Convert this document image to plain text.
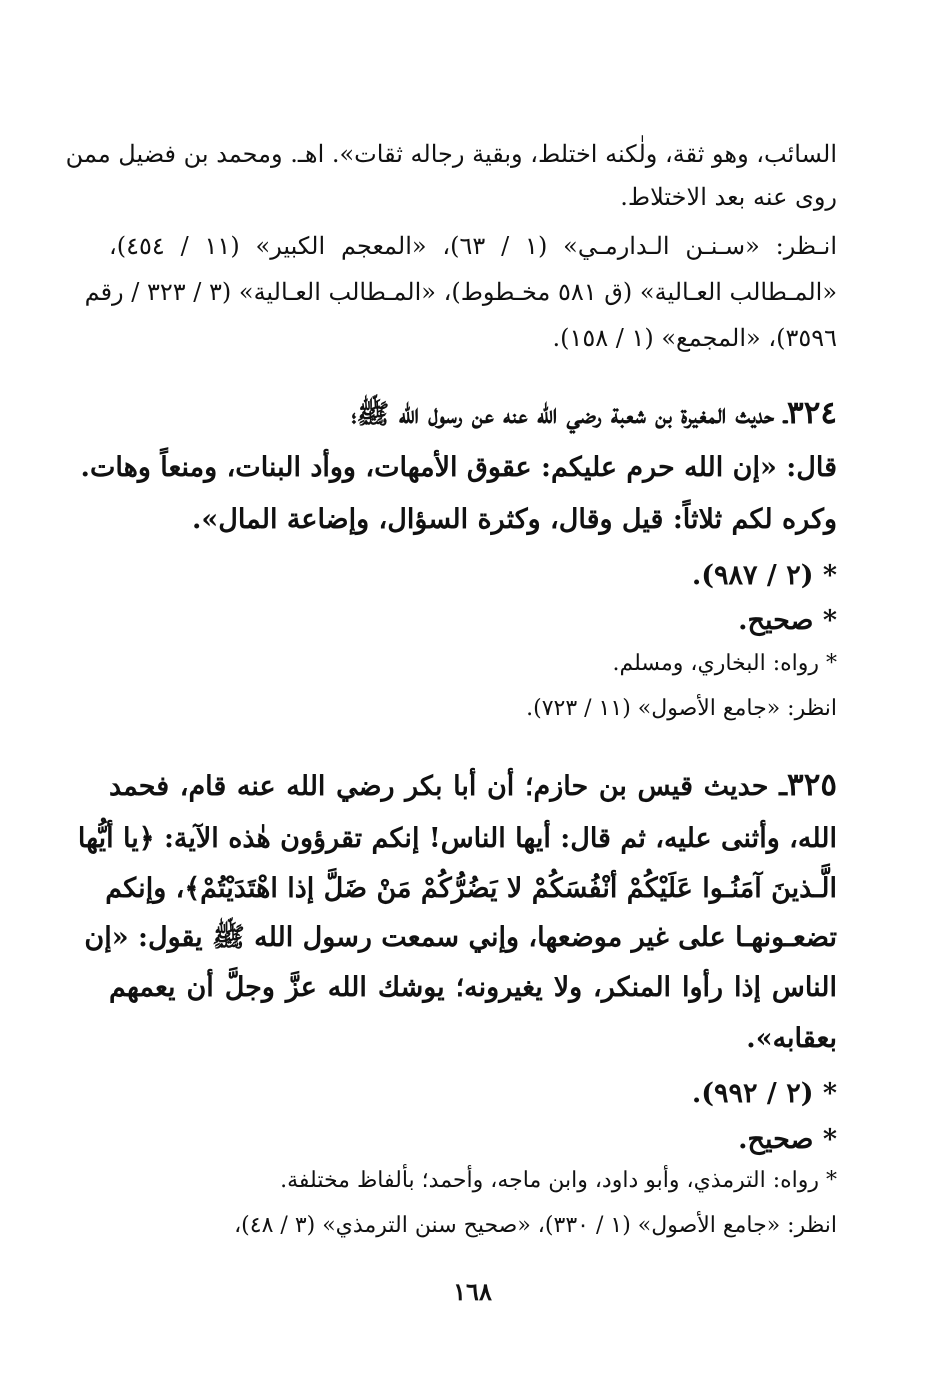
السائب، وهو ثقة، ولٰكنه اختلط، وبقية رجاله ثقات». اهـ. ومحمد بن فضيل ممن
روى عنه بعد الاختلاط.
انـظر: «سـنـن الـدارمـي» (١ / ٦٣)، «المعجم الكبير» (١١ / ٤٥٤)،
«المـطالب العـالية» (ق ٥٨١ مخـطوط)، «المـطالب العـالية» (٣ / ٣٢٣ / رقم
٣٥٩٦)، «المجمع» (١ / ١٥٨).
٣٢٤ـ حديث المغيرة بن شعبة رضي الله عنه عن رسول الله ﷺ؛
قال: «إن الله حرم عليكم: عقوق الأمهات، ووأد البنات، ومنعاً وهات.
وكره لكم ثلاثاً: قيل وقال، وكثرة السؤال، وإضاعة المال».
* (٢ / ٩٨٧).
* صحيح.
* رواه: البخاري، ومسلم.
انظر: «جامع الأصول» (١١ / ٧٢٣).
٣٢٥ـ حديث قيس بن حازم؛ أن أبا بكر رضي الله عنه قام، فحمد
الله، وأثنى عليه، ثم قال: أيها الناس! إنكم تقرؤون هٰذه الآية: ﴿يا أيُّها
الَّـذينَ آمَنُـوا عَلَيْكُمْ أنْفُسَكُمْ لا يَضُرُّكُمْ مَنْ ضَلَّ إذا اهْتَدَيْتُمْ﴾، وإنكم
تضعـونهـا على غير موضعها، وإني سمعت رسول الله ﷺ يقول: «إن
الناس إذا رأوا المنكر، ولا يغيرونه؛ يوشك الله عزَّ وجلَّ أن يعمهم
بعقابه».
* (٢ / ٩٩٢).
* صحيح.
* رواه: الترمذي، وأبو داود، وابن ماجه، وأحمد؛ بألفاظ مختلفة.
انظر: «جامع الأصول» (١ / ٣٣٠)، «صحيح سنن الترمذي» (٣ / ٤٨)،
١٦٨
